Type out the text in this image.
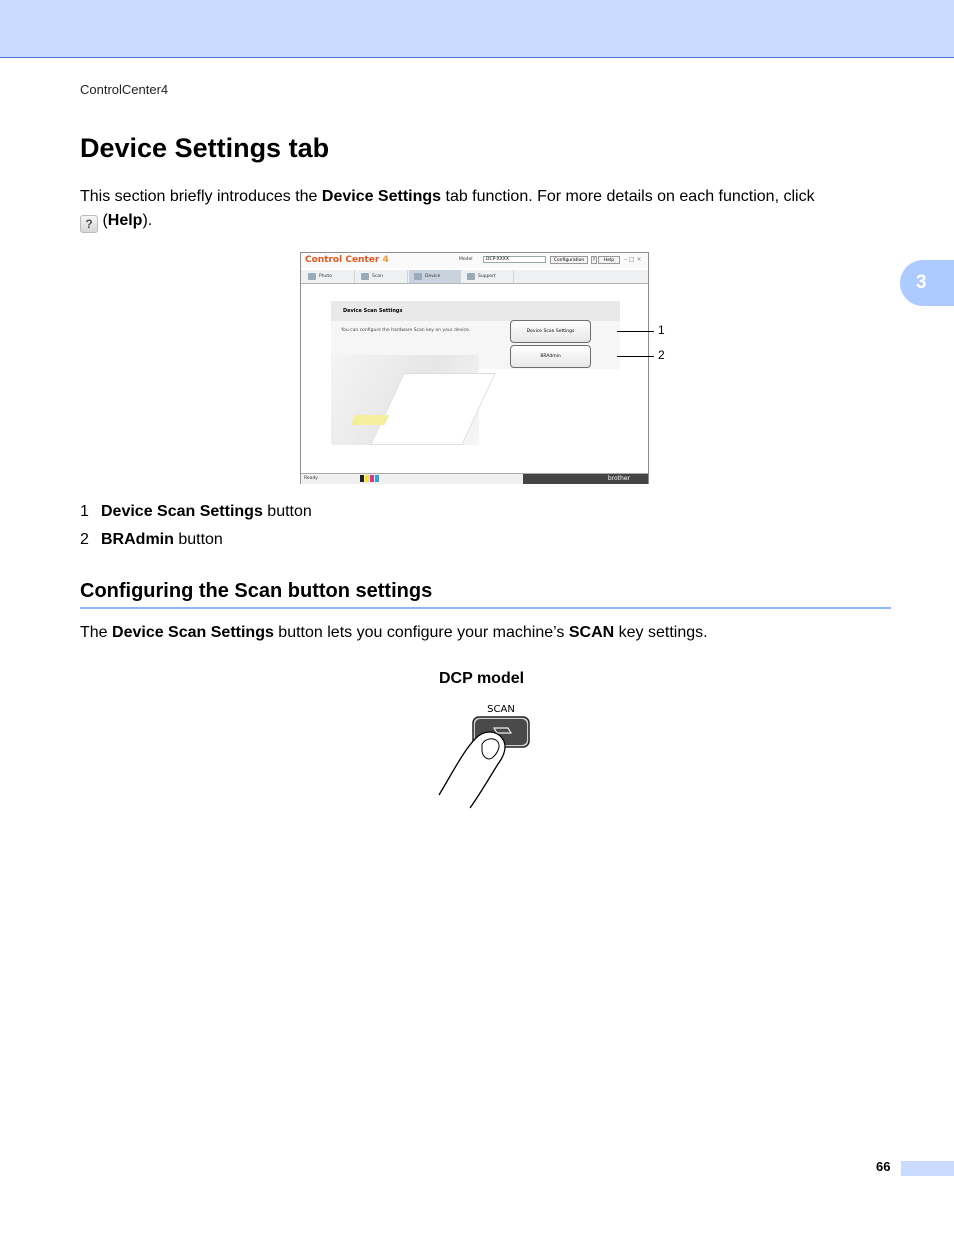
ControlCenter4
3
Device Settings tab

This section briefly introduces the Device Settings tab function. For more details on each function, click
? (Help).

Control Center 4	Model	DCP-XXXX	Configuration	?	Help	– □ ×
Photo	Scan	Device	Support
Device Scan Settings
You can configure the hardware Scan key on your device.	Device Scan Settings
BRAdmin
Ready	brother
1
2
1 Device Scan Settings button
2 BRAdmin button
Configuring the Scan button settings

The Device Scan Settings button lets you configure your machine’s SCAN key settings.

DCP model
SCAN
66
